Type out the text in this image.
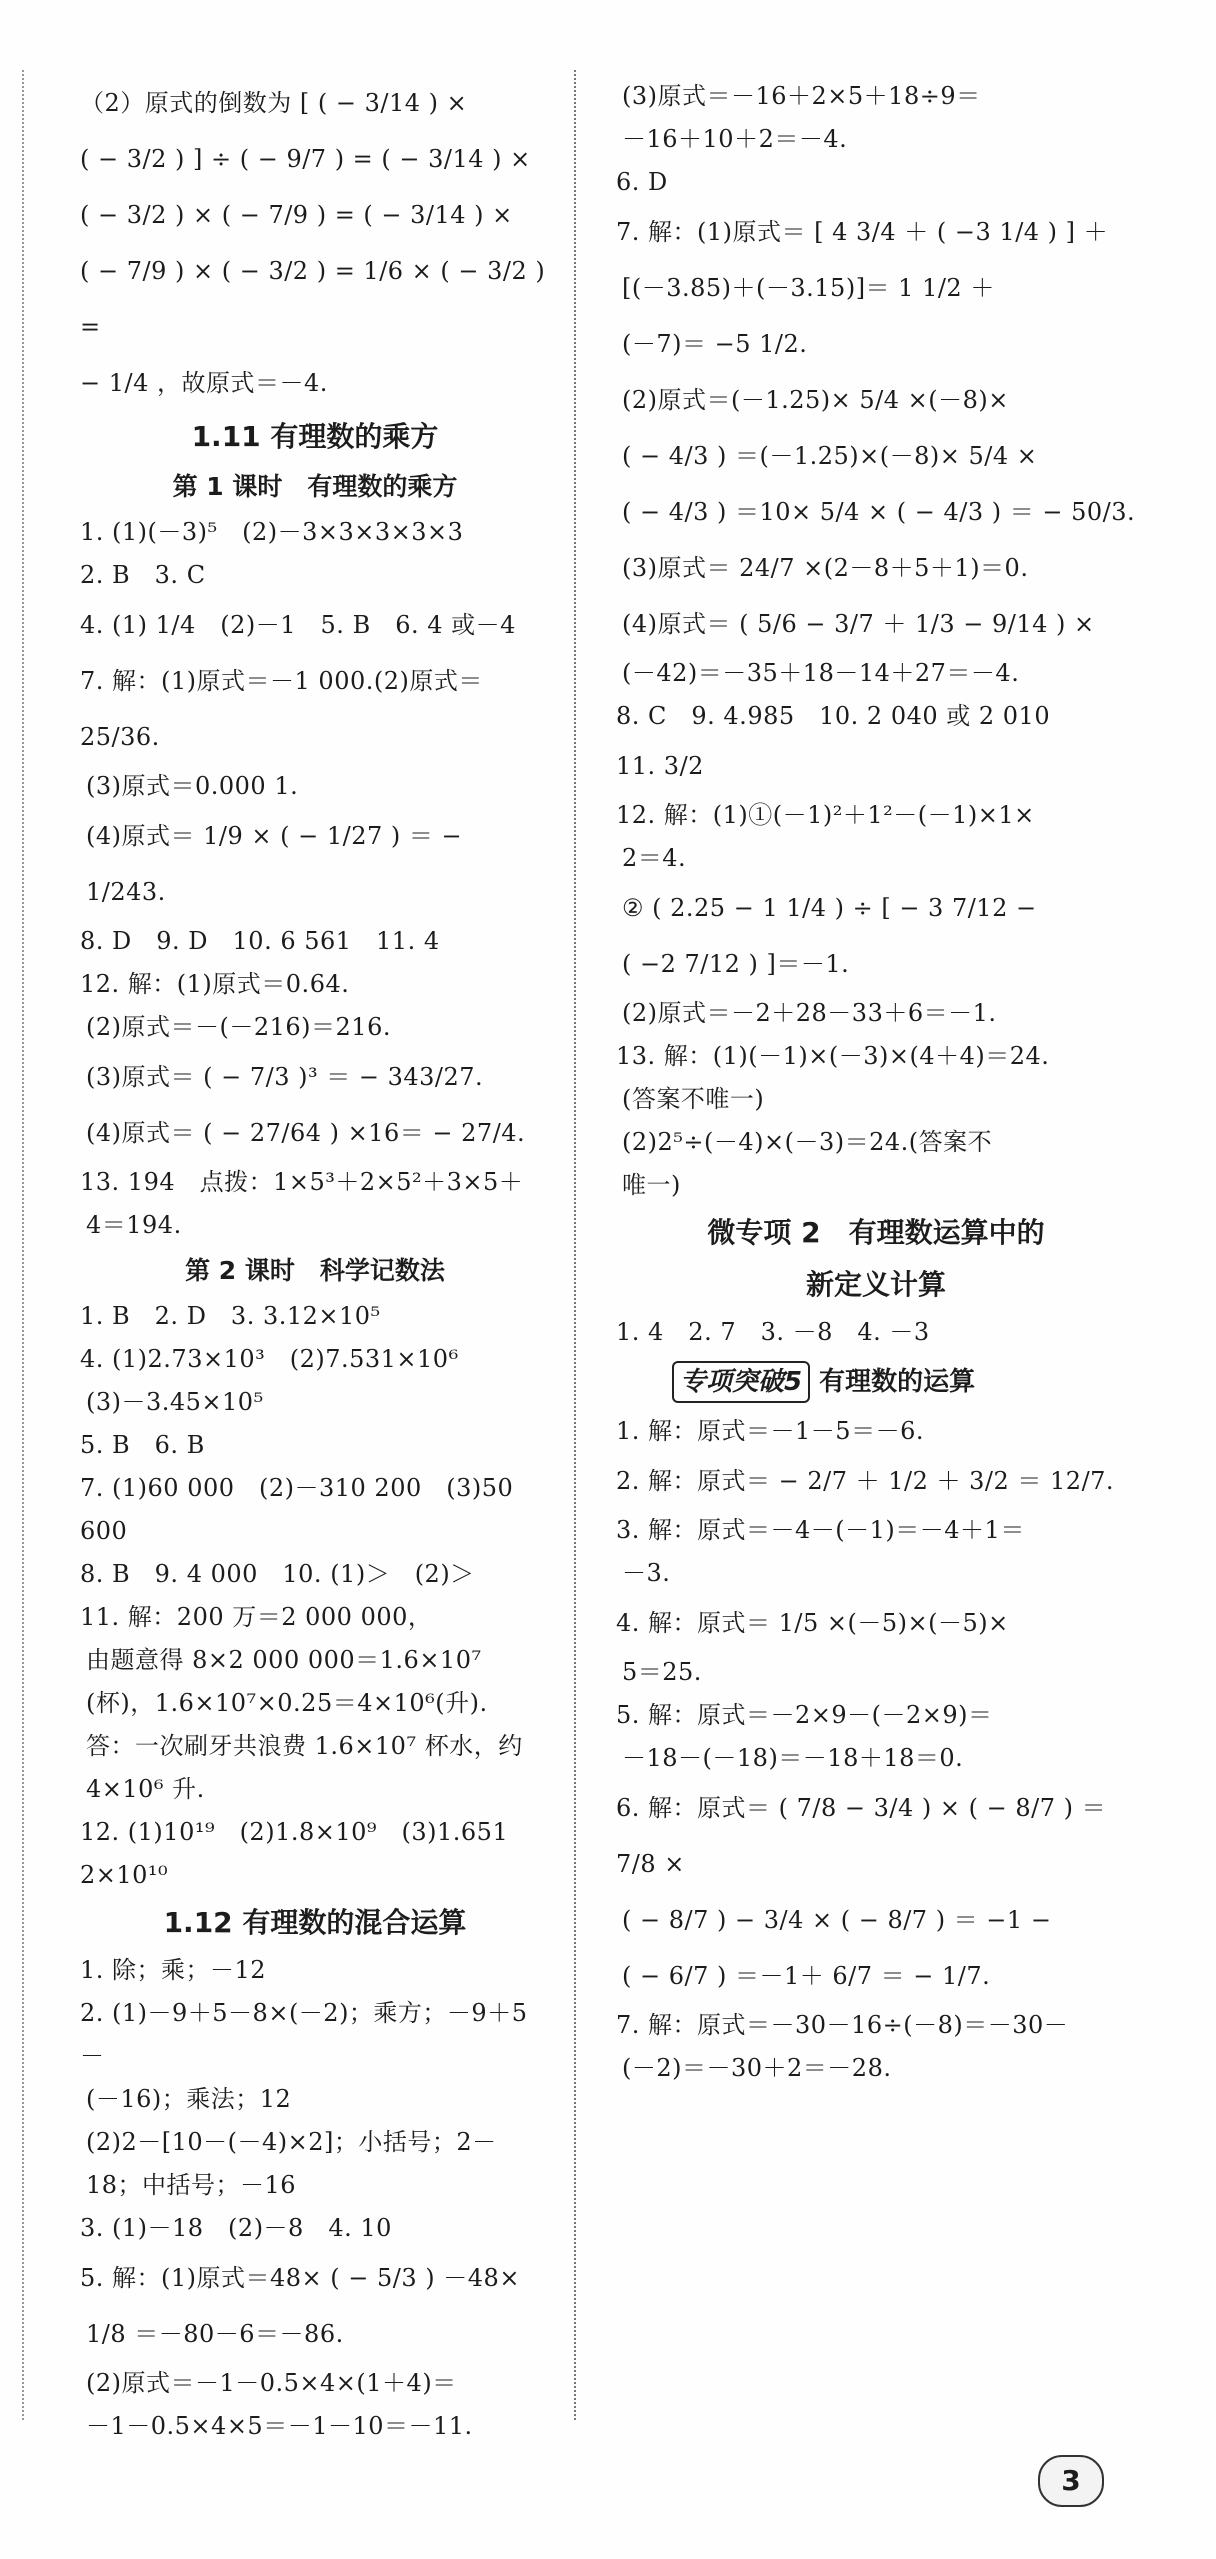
（2）原式的倒数为 [ ( − 3/14 ) ×
( − 3/2 ) ] ÷ ( − 9/7 ) = ( − 3/14 ) ×
( − 3/2 ) × ( − 7/9 ) = ( − 3/14 ) ×
( − 7/9 ) × ( − 3/2 ) = 1/6 × ( − 3/2 ) =
− 1/4 ，故原式＝－4.
1.11 有理数的乘方
第 1 课时　有理数的乘方
1. (1)(－3)⁵　(2)－3×3×3×3×3
2. B　3. C
4. (1) 1/4　(2)－1　5. B　6. 4 或－4
7. 解：(1)原式＝－1 000.(2)原式＝ 25/36.
(3)原式＝0.000 1.
(4)原式＝ 1/9 × ( − 1/27 ) ＝ − 1/243.
8. D　9. D　10. 6 561　11. 4
12. 解：(1)原式＝0.64.
(2)原式＝－(－216)＝216.
(3)原式＝ ( − 7/3 )³ ＝ − 343/27.
(4)原式＝ ( − 27/64 ) ×16＝ − 27/4.
13. 194　点拨：1×5³＋2×5²＋3×5＋
4＝194.
第 2 课时　科学记数法
1. B　2. D　3. 3.12×10⁵
4. (1)2.73×10³　(2)7.531×10⁶
(3)－3.45×10⁵
5. B　6. B
7. (1)60 000　(2)－310 200　(3)50 600
8. B　9. 4 000　10. (1)＞　(2)＞
11. 解：200 万＝2 000 000，
由题意得 8×2 000 000＝1.6×10⁷
(杯)，1.6×10⁷×0.25＝4×10⁶(升).
答：一次刷牙共浪费 1.6×10⁷ 杯水，约
4×10⁶ 升.
12. (1)10¹⁹　(2)1.8×10⁹　(3)1.651 2×10¹⁰
1.12 有理数的混合运算
1. 除；乘；－12
2. (1)－9＋5－8×(－2)；乘方；－9＋5－
(－16)；乘法；12
(2)2－[10－(－4)×2]；小括号；2－
18；中括号；－16
3. (1)－18　(2)－8　4. 10
5. 解：(1)原式＝48× ( − 5/3 ) －48×
1/8 ＝－80－6＝－86.
(2)原式＝－1－0.5×4×(1＋4)＝
－1－0.5×4×5＝－1－10＝－11.
(3)原式＝－16＋2×5＋18÷9＝
－16＋10＋2＝－4.
6. D
7. 解：(1)原式＝ [ 4 3/4 ＋ ( −3 1/4 ) ] ＋
[(－3.85)＋(－3.15)]＝ 1 1/2 ＋
(－7)＝ −5 1/2.
(2)原式＝(－1.25)× 5/4 ×(－8)×
( − 4/3 ) ＝(－1.25)×(－8)× 5/4 ×
( − 4/3 ) ＝10× 5/4 × ( − 4/3 ) ＝ − 50/3.
(3)原式＝ 24/7 ×(2－8＋5＋1)＝0.
(4)原式＝ ( 5/6 − 3/7 ＋ 1/3 − 9/14 ) ×
(－42)＝－35＋18－14＋27＝－4.
8. C　9. 4.985　10. 2 040 或 2 010
11. 3/2
12. 解：(1)①(－1)²＋1²－(－1)×1×
2＝4.
② ( 2.25 − 1 1/4 ) ÷ [ − 3 7/12 −
( −2 7/12 ) ]＝－1.
(2)原式＝－2＋28－33＋6＝－1.
13. 解：(1)(－1)×(－3)×(4＋4)＝24.
(答案不唯一)
(2)2⁵÷(－4)×(－3)＝24.(答案不
唯一)
微专项 2　有理数运算中的
新定义计算
1. 4　2. 7　3. －8　4. －3
专项突破5 有理数的运算
1. 解：原式＝－1－5＝－6.
2. 解：原式＝ − 2/7 ＋ 1/2 ＋ 3/2 ＝ 12/7.
3. 解：原式＝－4－(－1)＝－4＋1＝
－3.
4. 解：原式＝ 1/5 ×(－5)×(－5)×
5＝25.
5. 解：原式＝－2×9－(－2×9)＝
－18－(－18)＝－18＋18＝0.
6. 解：原式＝ ( 7/8 − 3/4 ) × ( − 8/7 ) ＝ 7/8 ×
( − 8/7 ) − 3/4 × ( − 8/7 ) ＝ −1 −
( − 6/7 ) ＝－1＋ 6/7 ＝ − 1/7.
7. 解：原式＝－30－16÷(－8)＝－30－
(－2)＝－30＋2＝－28.
3
